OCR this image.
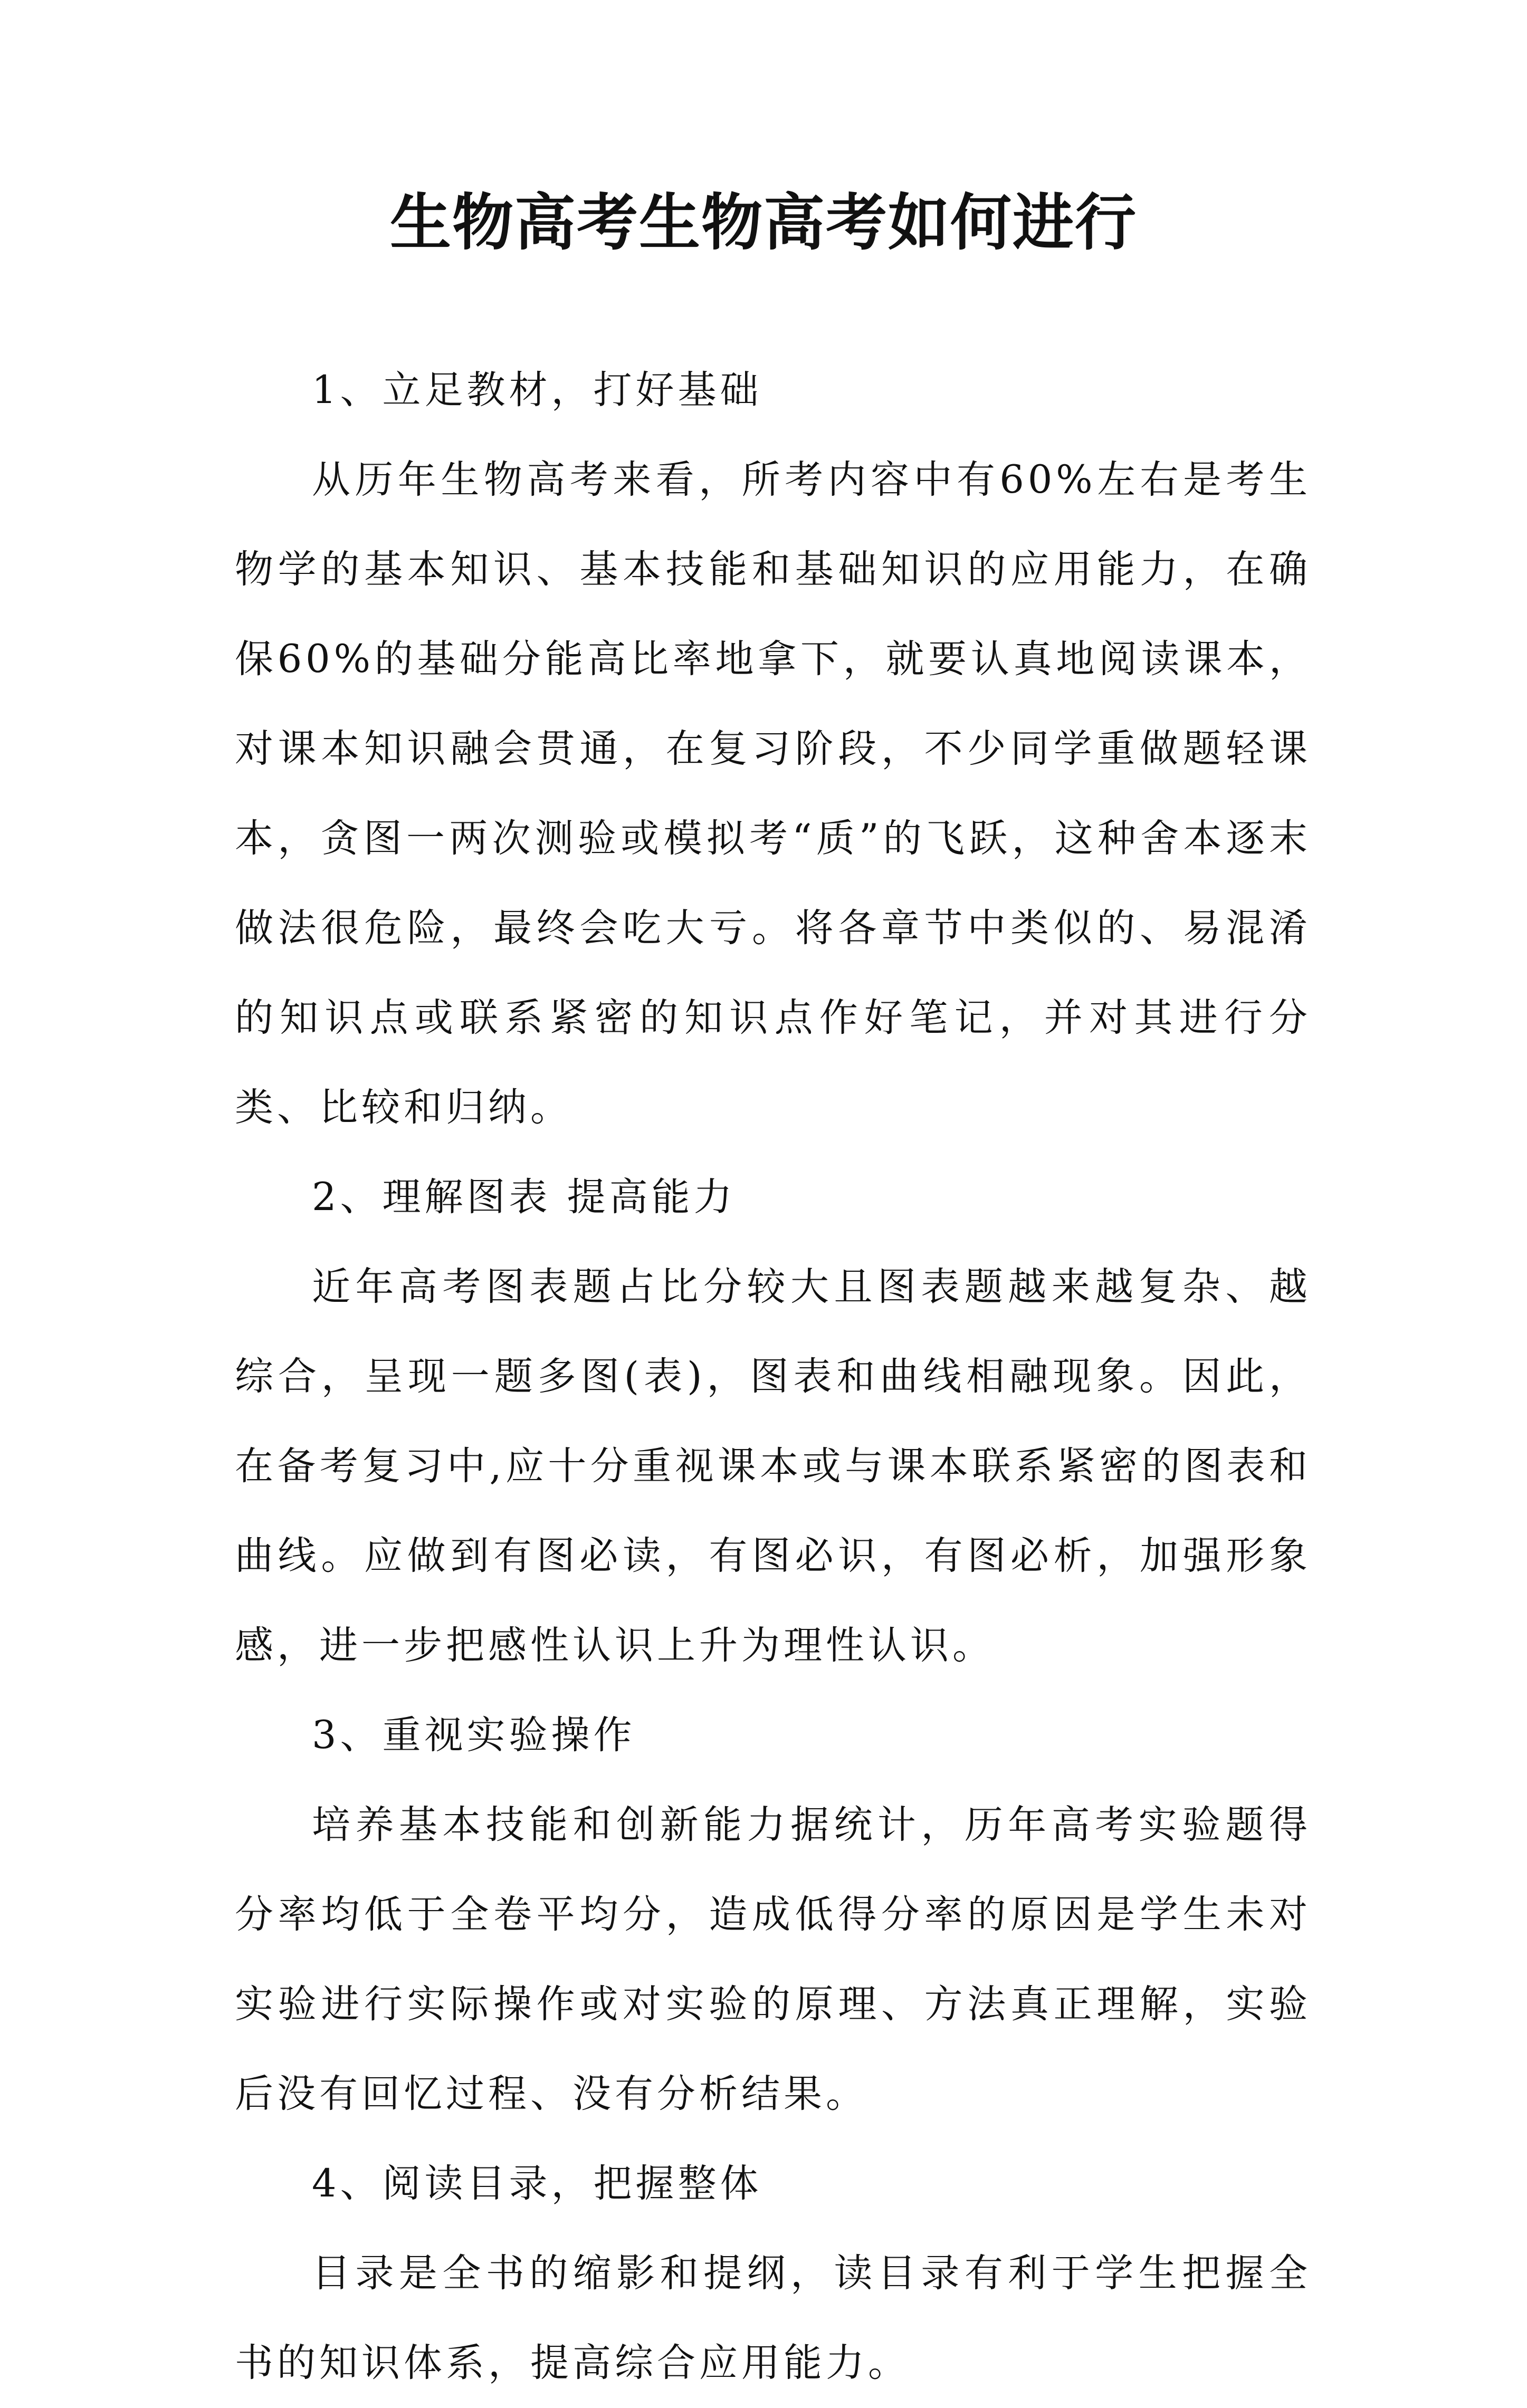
生物高考生物高考如何进行

1、立足教材，打好基础

从历年生物高考来看，所考内容中有60%左右是考生物学的基本知识、基本技能和基础知识的应用能力，在确保60%的基础分能高比率地拿下，就要认真地阅读课本，对课本知识融会贯通，在复习阶段，不少同学重做题轻课本，贪图一两次测验或模拟考“质”的飞跃，这种舍本逐末做法很危险，最终会吃大亏。将各章节中类似的、易混淆的知识点或联系紧密的知识点作好笔记，并对其进行分类、比较和归纳。

2、理解图表 提高能力

近年高考图表题占比分较大且图表题越来越复杂、越综合，呈现一题多图(表)，图表和曲线相融现象。因此，在备考复习中,应十分重视课本或与课本联系紧密的图表和曲线。应做到有图必读，有图必识，有图必析，加强形象感，进一步把感性认识上升为理性认识。

3、重视实验操作

培养基本技能和创新能力据统计，历年高考实验题得分率均低于全卷平均分，造成低得分率的原因是学生未对实验进行实际操作或对实验的原理、方法真正理解，实验后没有回忆过程、没有分析结果。

4、阅读目录，把握整体

目录是全书的缩影和提纲，读目录有利于学生把握全书的知识体系，提高综合应用能力。
